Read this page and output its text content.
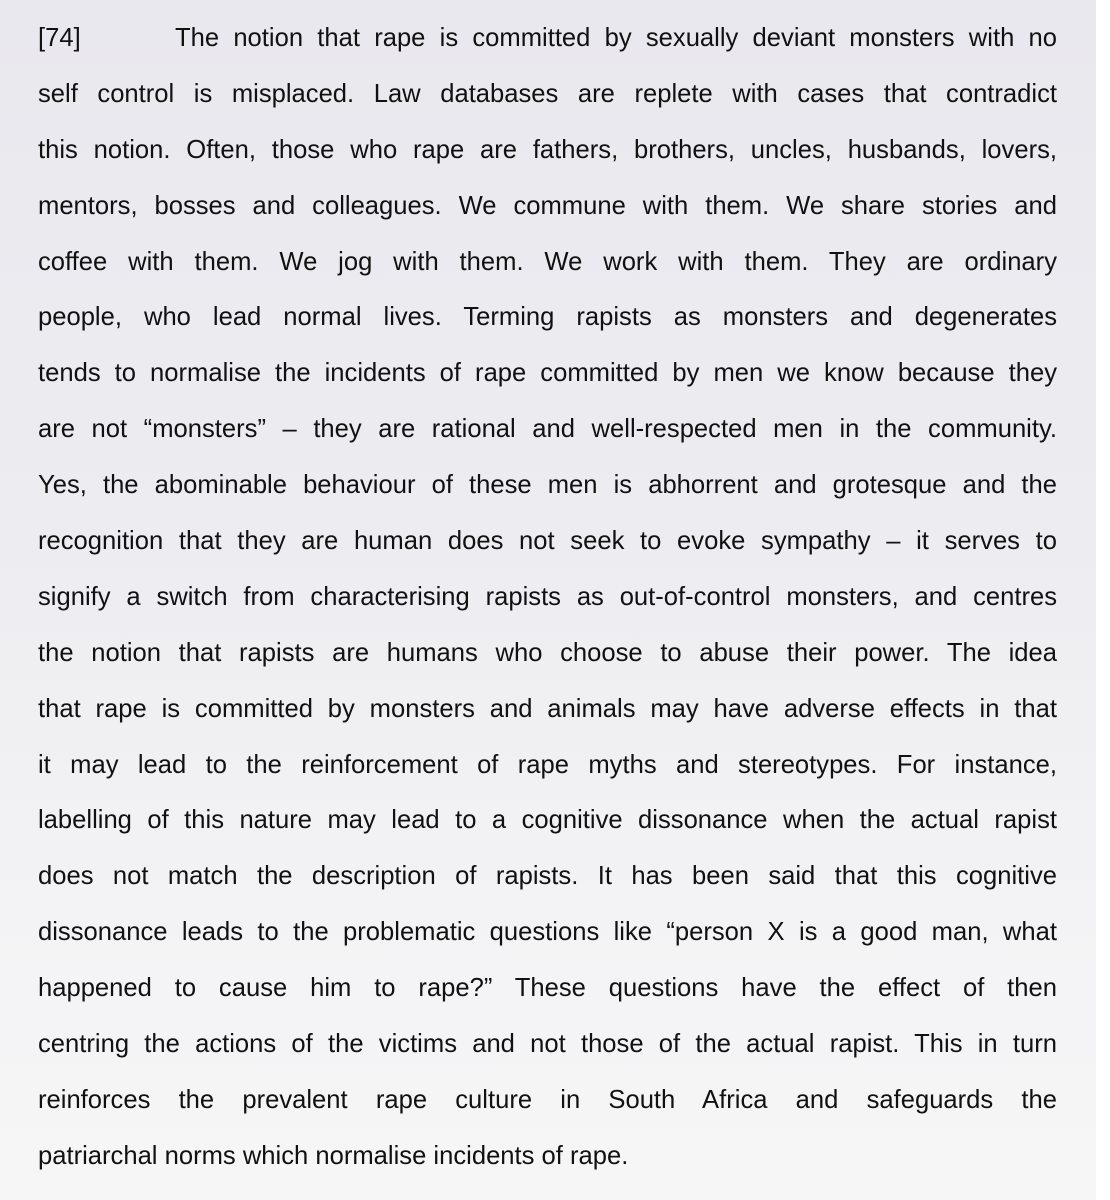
[74]	The notion that rape is committed by sexually deviant monsters with no
self control is misplaced. Law databases are replete with cases that contradict
this notion. Often, those who rape are fathers, brothers, uncles, husbands, lovers,
mentors, bosses and colleagues. We commune with them. We share stories and
coffee with them. We jog with them. We work with them. They are ordinary
people, who lead normal lives. Terming rapists as monsters and degenerates
tends to normalise the incidents of rape committed by men we know because they
are not “monsters” – they are rational and well-respected men in the community.
Yes, the abominable behaviour of these men is abhorrent and grotesque and the
recognition that they are human does not seek to evoke sympathy – it serves to
signify a switch from characterising rapists as out-of-control monsters, and centres
the notion that rapists are humans who choose to abuse their power. The idea
that rape is committed by monsters and animals may have adverse effects in that
it may lead to the reinforcement of rape myths and stereotypes. For instance,
labelling of this nature may lead to a cognitive dissonance when the actual rapist
does not match the description of rapists. It has been said that this cognitive
dissonance leads to the problematic questions like “person X is a good man, what
happened to cause him to rape?” These questions have the effect of then
centring the actions of the victims and not those of the actual rapist. This in turn
reinforces the prevalent rape culture in South Africa and safeguards the
patriarchal norms which normalise incidents of rape.
